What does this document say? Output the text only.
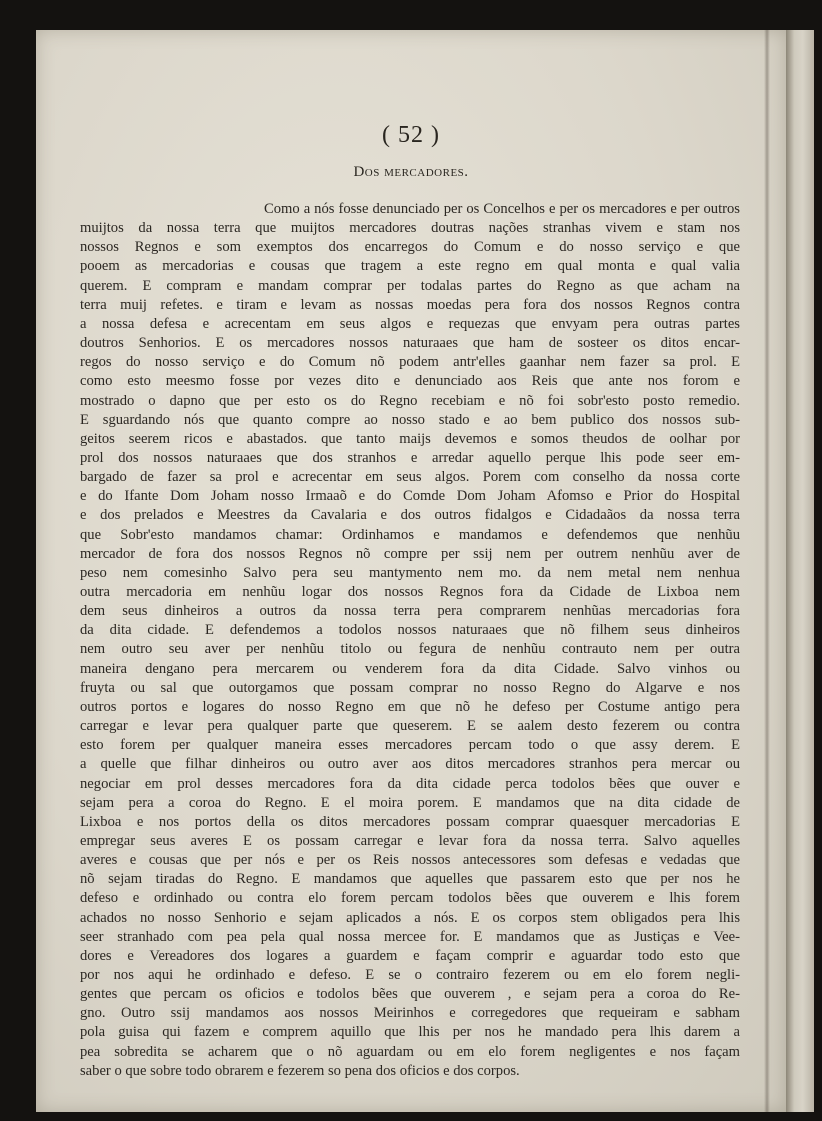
( 52 )
Dos mercadores.
Como a nós fosse denunciado per os Concelhos e per os mercadores e per outros
muijtos da nossa terra que muijtos mercadores doutras nações stranhas vivem e stam nos
nossos Regnos e som exemptos dos encarregos do Comum e do nosso serviço e que
pooem as mercadorias e cousas que tragem a este regno em qual monta e qual valia
querem. E compram e mandam comprar per todalas partes do Regno as que acham na
terra muij refetes. e tiram e levam as nossas moedas pera fora dos nossos Regnos contra
a nossa defesa e acrecentam em seus algos e requezas que envyam pera outras partes
doutros Senhorios. E os mercadores nossos naturaaes que ham de sosteer os ditos encar-
regos do nosso serviço e do Comum nõ podem antr'elles gaanhar nem fazer sa prol. E
como esto meesmo fosse por vezes dito e denunciado aos Reis que ante nos forom e
mostrado o dapno que per esto os do Regno recebiam e nõ foi sobr'esto posto remedio.
E sguardando nós que quanto compre ao nosso stado e ao bem publico dos nossos sub-
geitos seerem ricos e abastados. que tanto maijs devemos e somos theudos de oolhar por
prol dos nossos naturaaes que dos stranhos e arredar aquello perque lhis pode seer em-
bargado de fazer sa prol e acrecentar em seus algos. Porem com conselho da nossa corte
e do Ifante Dom Joham nosso Irmaaõ e do Comde Dom Joham Afomso e Prior do Hospital
e dos prelados e Meestres da Cavalaria e dos outros fidalgos e Cidadaãos da nossa terra
que Sobr'esto mandamos chamar: Ordinhamos e mandamos e defendemos que nenhũu
mercador de fora dos nossos Regnos nõ compre per ssij nem per outrem nenhũu aver de
peso nem comesinho Salvo pera seu mantymento nem mo. da nem metal nem nenhua
outra mercadoria em nenhũu logar dos nossos Regnos fora da Cidade de Lixboa nem
dem seus dinheiros a outros da nossa terra pera comprarem nenhũas mercadorias fora
da dita cidade. E defendemos a todolos nossos naturaaes que nõ filhem seus dinheiros
nem outro seu aver per nenhũu titolo ou fegura de nenhũu contrauto nem per outra
maneira dengano pera mercarem ou venderem fora da dita Cidade. Salvo vinhos ou
fruyta ou sal que outorgamos que possam comprar no nosso Regno do Algarve e nos
outros portos e logares do nosso Regno em que nõ he defeso per Costume antigo pera
carregar e levar pera qualquer parte que queserem. E se aalem desto fezerem ou contra
esto forem per qualquer maneira esses mercadores percam todo o que assy derem. E
a quelle que filhar dinheiros ou outro aver aos ditos mercadores stranhos pera mercar ou
negociar em prol desses mercadores fora da dita cidade perca todolos bẽes que ouver e
sejam pera a coroa do Regno. E el moira porem. E mandamos que na dita cidade de
Lixboa e nos portos della os ditos mercadores possam comprar quaesquer mercadorias E
empregar seus averes E os possam carregar e levar fora da nossa terra. Salvo aquelles
averes e cousas que per nós e per os Reis nossos antecessores som defesas e vedadas que
nõ sejam tiradas do Regno. E mandamos que aquelles que passarem esto que per nos he
defeso e ordinhado ou contra elo forem percam todolos bẽes que ouverem e lhis forem
achados no nosso Senhorio e sejam aplicados a nós. E os corpos stem obligados pera lhis
seer stranhado com pea pela qual nossa mercee for. E mandamos que as Justiças e Vee-
dores e Vereadores dos logares a guardem e façam comprir e aguardar todo esto que
por nos aqui he ordinhado e defeso. E se o contrairo fezerem ou em elo forem negli-
gentes que percam os oficios e todolos bẽes que ouverem , e sejam pera a coroa do Re-
gno. Outro ssij mandamos aos nossos Meirinhos e corregedores que requeiram e sabham
pola guisa qui fazem e comprem aquillo que lhis per nos he mandado pera lhis darem a
pea sobredita se acharem que o nõ aguardam ou em elo forem negligentes e nos façam
saber o que sobre todo obrarem e fezerem so pena dos oficios e dos corpos.
